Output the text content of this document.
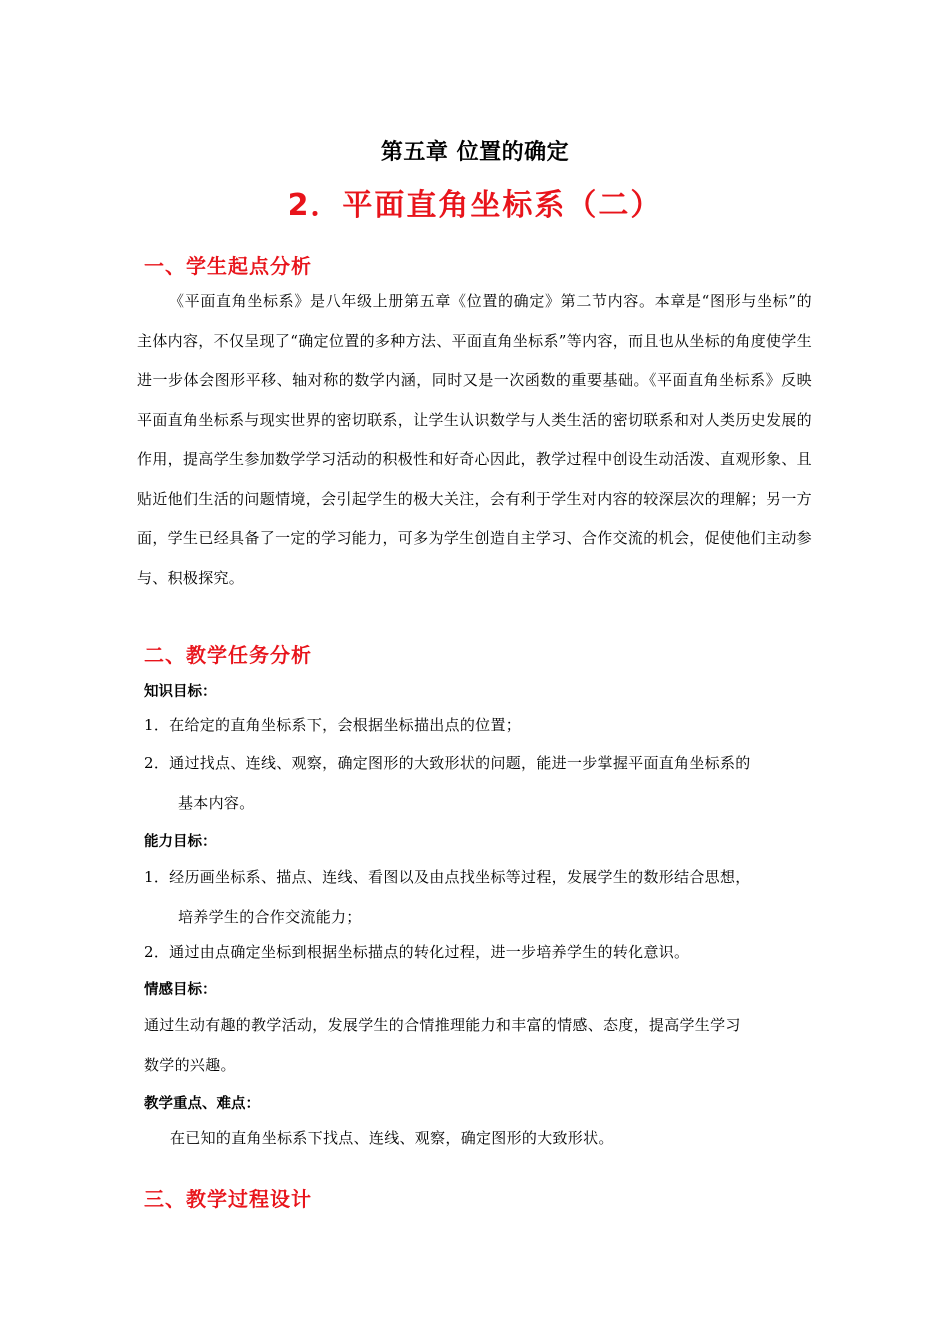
第五章 位置的确定
2．平面直角坐标系（二）
一、学生起点分析
《平面直角坐标系》是八年级上册第五章《位置的确定》第二节内容。本章是“图形与坐标”的主体内容，不仅呈现了“确定位置的多种方法、平面直角坐标系”等内容，而且也从坐标的角度使学生进一步体会图形平移、轴对称的数学内涵，同时又是一次函数的重要基础。《平面直角坐标系》反映平面直角坐标系与现实世界的密切联系，让学生认识数学与人类生活的密切联系和对人类历史发展的作用，提高学生参加数学学习活动的积极性和好奇心因此，教学过程中创设生动活泼、直观形象、且贴近他们生活的问题情境，会引起学生的极大关注，会有利于学生对内容的较深层次的理解；另一方面，学生已经具备了一定的学习能力，可多为学生创造自主学习、合作交流的机会，促使他们主动参与、积极探究。
二、教学任务分析
知识目标：
1．在给定的直角坐标系下，会根据坐标描出点的位置；
2．通过找点、连线、观察，确定图形的大致形状的问题，能进一步掌握平面直角坐标系的
基本内容。
能力目标：
1．经历画坐标系、描点、连线、看图以及由点找坐标等过程，发展学生的数形结合思想，
培养学生的合作交流能力；
2．通过由点确定坐标到根据坐标描点的转化过程，进一步培养学生的转化意识。
情感目标：
通过生动有趣的教学活动，发展学生的合情推理能力和丰富的情感、态度，提高学生学习
数学的兴趣。
教学重点、难点：
在已知的直角坐标系下找点、连线、观察，确定图形的大致形状。
三、教学过程设计
